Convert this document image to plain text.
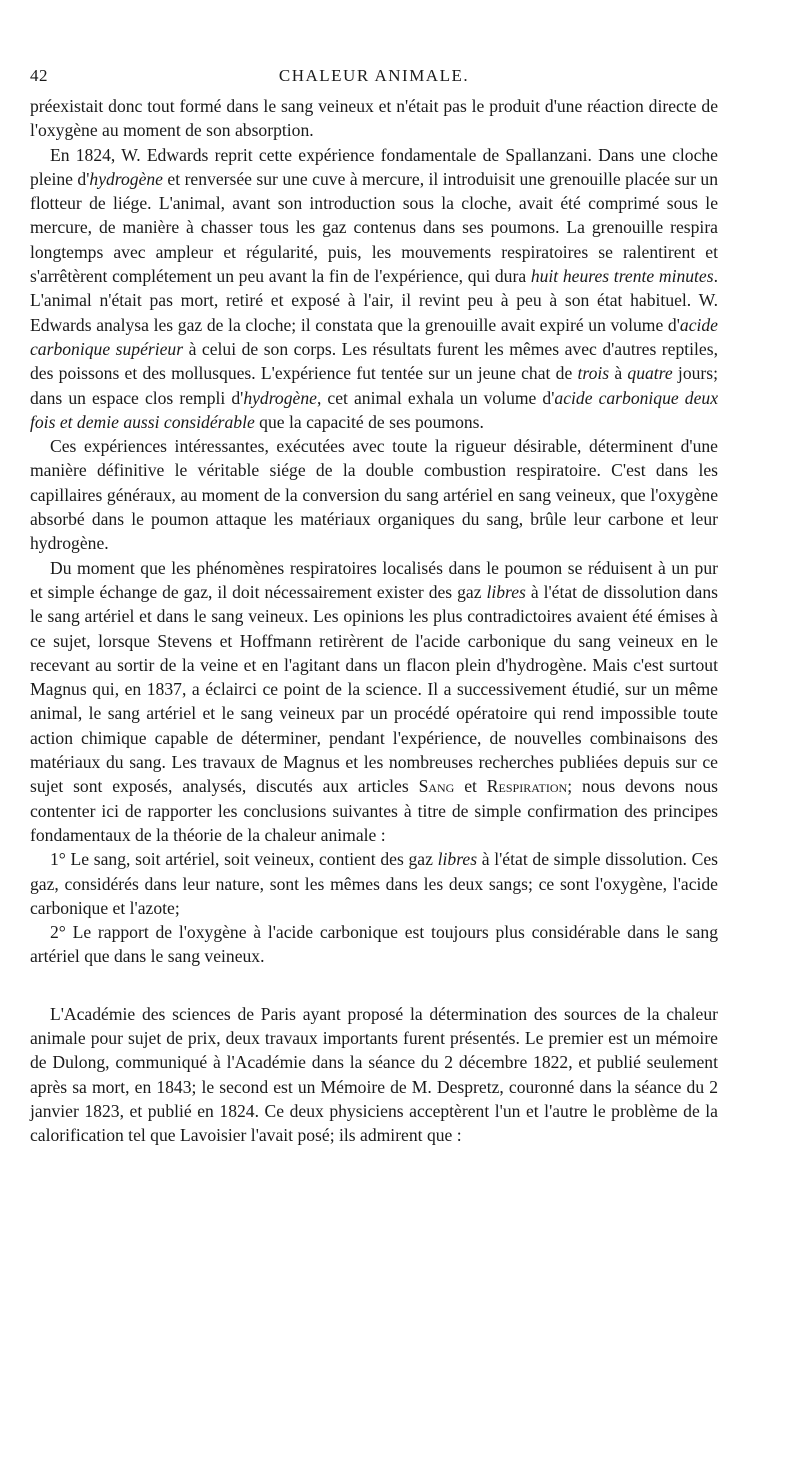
42	CHALEUR ANIMALE.

préexistait donc tout formé dans le sang veineux et n'était pas le produit d'une réaction directe de l'oxygène au moment de son absorption.

En 1824, W. Edwards reprit cette expérience fondamentale de Spallanzani. Dans une cloche pleine d'hydrogène et renversée sur une cuve à mercure, il introduisit une grenouille placée sur un flotteur de liége. L'animal, avant son introduction sous la cloche, avait été comprimé sous le mercure, de manière à chasser tous les gaz contenus dans ses poumons. La grenouille respira longtemps avec ampleur et régularité, puis, les mouvements respiratoires se ralentirent et s'arrêtèrent complétement un peu avant la fin de l'expérience, qui dura huit heures trente minutes. L'animal n'était pas mort, retiré et exposé à l'air, il revint peu à peu à son état habituel. W. Edwards analysa les gaz de la cloche; il constata que la grenouille avait expiré un volume d'acide carbonique supérieur à celui de son corps. Les résultats furent les mêmes avec d'autres reptiles, des poissons et des mollusques. L'expérience fut tentée sur un jeune chat de trois à quatre jours; dans un espace clos rempli d'hydrogène, cet animal exhala un volume d'acide carbonique deux fois et demie aussi considérable que la capacité de ses poumons.

Ces expériences intéressantes, exécutées avec toute la rigueur désirable, déterminent d'une manière définitive le véritable siége de la double combustion respiratoire. C'est dans les capillaires généraux, au moment de la conversion du sang artériel en sang veineux, que l'oxygène absorbé dans le poumon attaque les matériaux organiques du sang, brûle leur carbone et leur hydrogène.

Du moment que les phénomènes respiratoires localisés dans le poumon se réduisent à un pur et simple échange de gaz, il doit nécessairement exister des gaz libres à l'état de dissolution dans le sang artériel et dans le sang veineux. Les opinions les plus contradictoires avaient été émises à ce sujet, lorsque Stevens et Hoffmann retirèrent de l'acide carbonique du sang veineux en le recevant au sortir de la veine et en l'agitant dans un flacon plein d'hydrogène. Mais c'est surtout Magnus qui, en 1837, a éclairci ce point de la science. Il a successivement étudié, sur un même animal, le sang artériel et le sang veineux par un procédé opératoire qui rend impossible toute action chimique capable de déterminer, pendant l'expérience, de nouvelles combinaisons des matériaux du sang. Les travaux de Magnus et les nombreuses recherches publiées depuis sur ce sujet sont exposés, analysés, discutés aux articles Sang et Respiration; nous devons nous contenter ici de rapporter les conclusions suivantes à titre de simple confirmation des principes fondamentaux de la théorie de la chaleur animale :

1° Le sang, soit artériel, soit veineux, contient des gaz libres à l'état de simple dissolution. Ces gaz, considérés dans leur nature, sont les mêmes dans les deux sangs; ce sont l'oxygène, l'acide carbonique et l'azote;

2° Le rapport de l'oxygène à l'acide carbonique est toujours plus considérable dans le sang artériel que dans le sang veineux.

L'Académie des sciences de Paris ayant proposé la détermination des sources de la chaleur animale pour sujet de prix, deux travaux importants furent présentés. Le premier est un mémoire de Dulong, communiqué à l'Académie dans la séance du 2 décembre 1822, et publié seulement après sa mort, en 1843; le second est un Mémoire de M. Despretz, couronné dans la séance du 2 janvier 1823, et publié en 1824. Ce deux physiciens acceptèrent l'un et l'autre le problème de la calorification tel que Lavoisier l'avait posé; ils admirent que :
